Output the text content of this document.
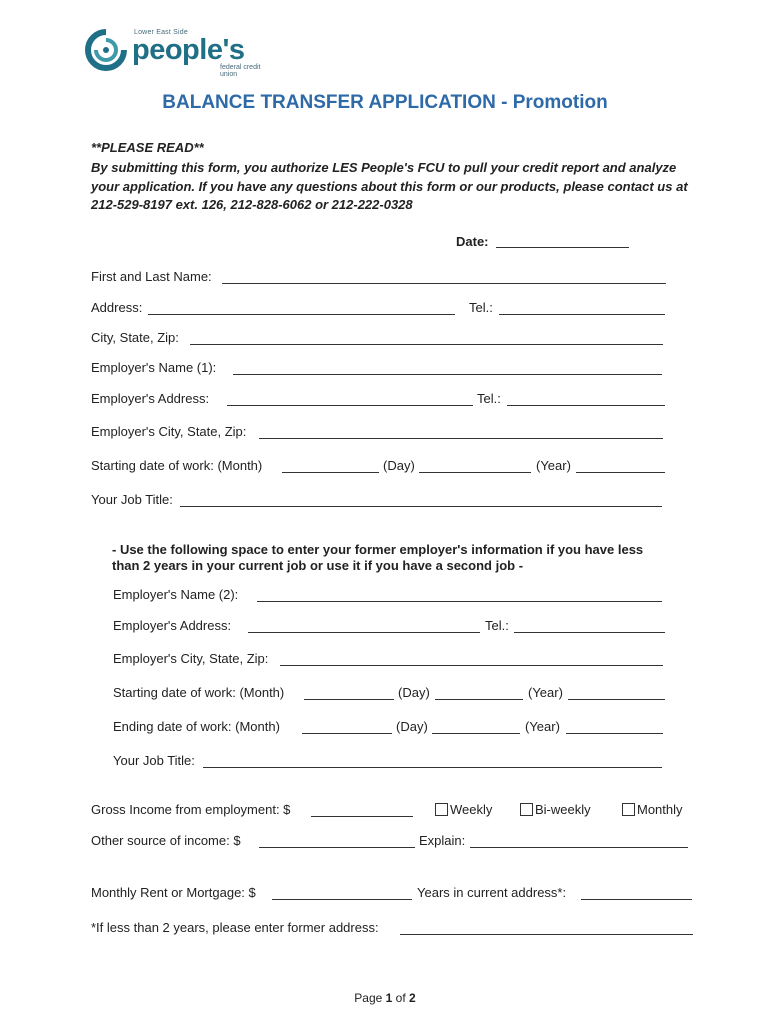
Lower East Side
people's
federal credit union
BALANCE TRANSFER APPLICATION - Promotion
**PLEASE READ**
By submitting this form, you authorize LES People's FCU to pull your credit report and analyze your application. If you have any questions about this form or our products, please contact us at 212-529-8197 ext. 126, 212-828-6062 or 212-222-0328
Date:
First and Last Name:
Address:	Tel.:
City, State, Zip:
Employer's Name (1):
Employer's Address:	Tel.:
Employer's City, State, Zip:
Starting date of work: (Month)	(Day)	(Year)
Your Job Title:
- Use the following space to enter your former employer's information if you have less than 2 years in your current job or use it if you have a second job -
Employer's Name (2):
Employer's Address:	Tel.:
Employer's City, State, Zip:
Starting date of work: (Month)	(Day)	(Year)
Ending date of work: (Month)	(Day)	(Year)
Your Job Title:
Gross Income from employment: $	Weekly	Bi-weekly	Monthly
Other source of income: $	Explain:
Monthly Rent or Mortgage: $	Years in current address*:
*If less than 2 years, please enter former address:
Page 1 of 2
